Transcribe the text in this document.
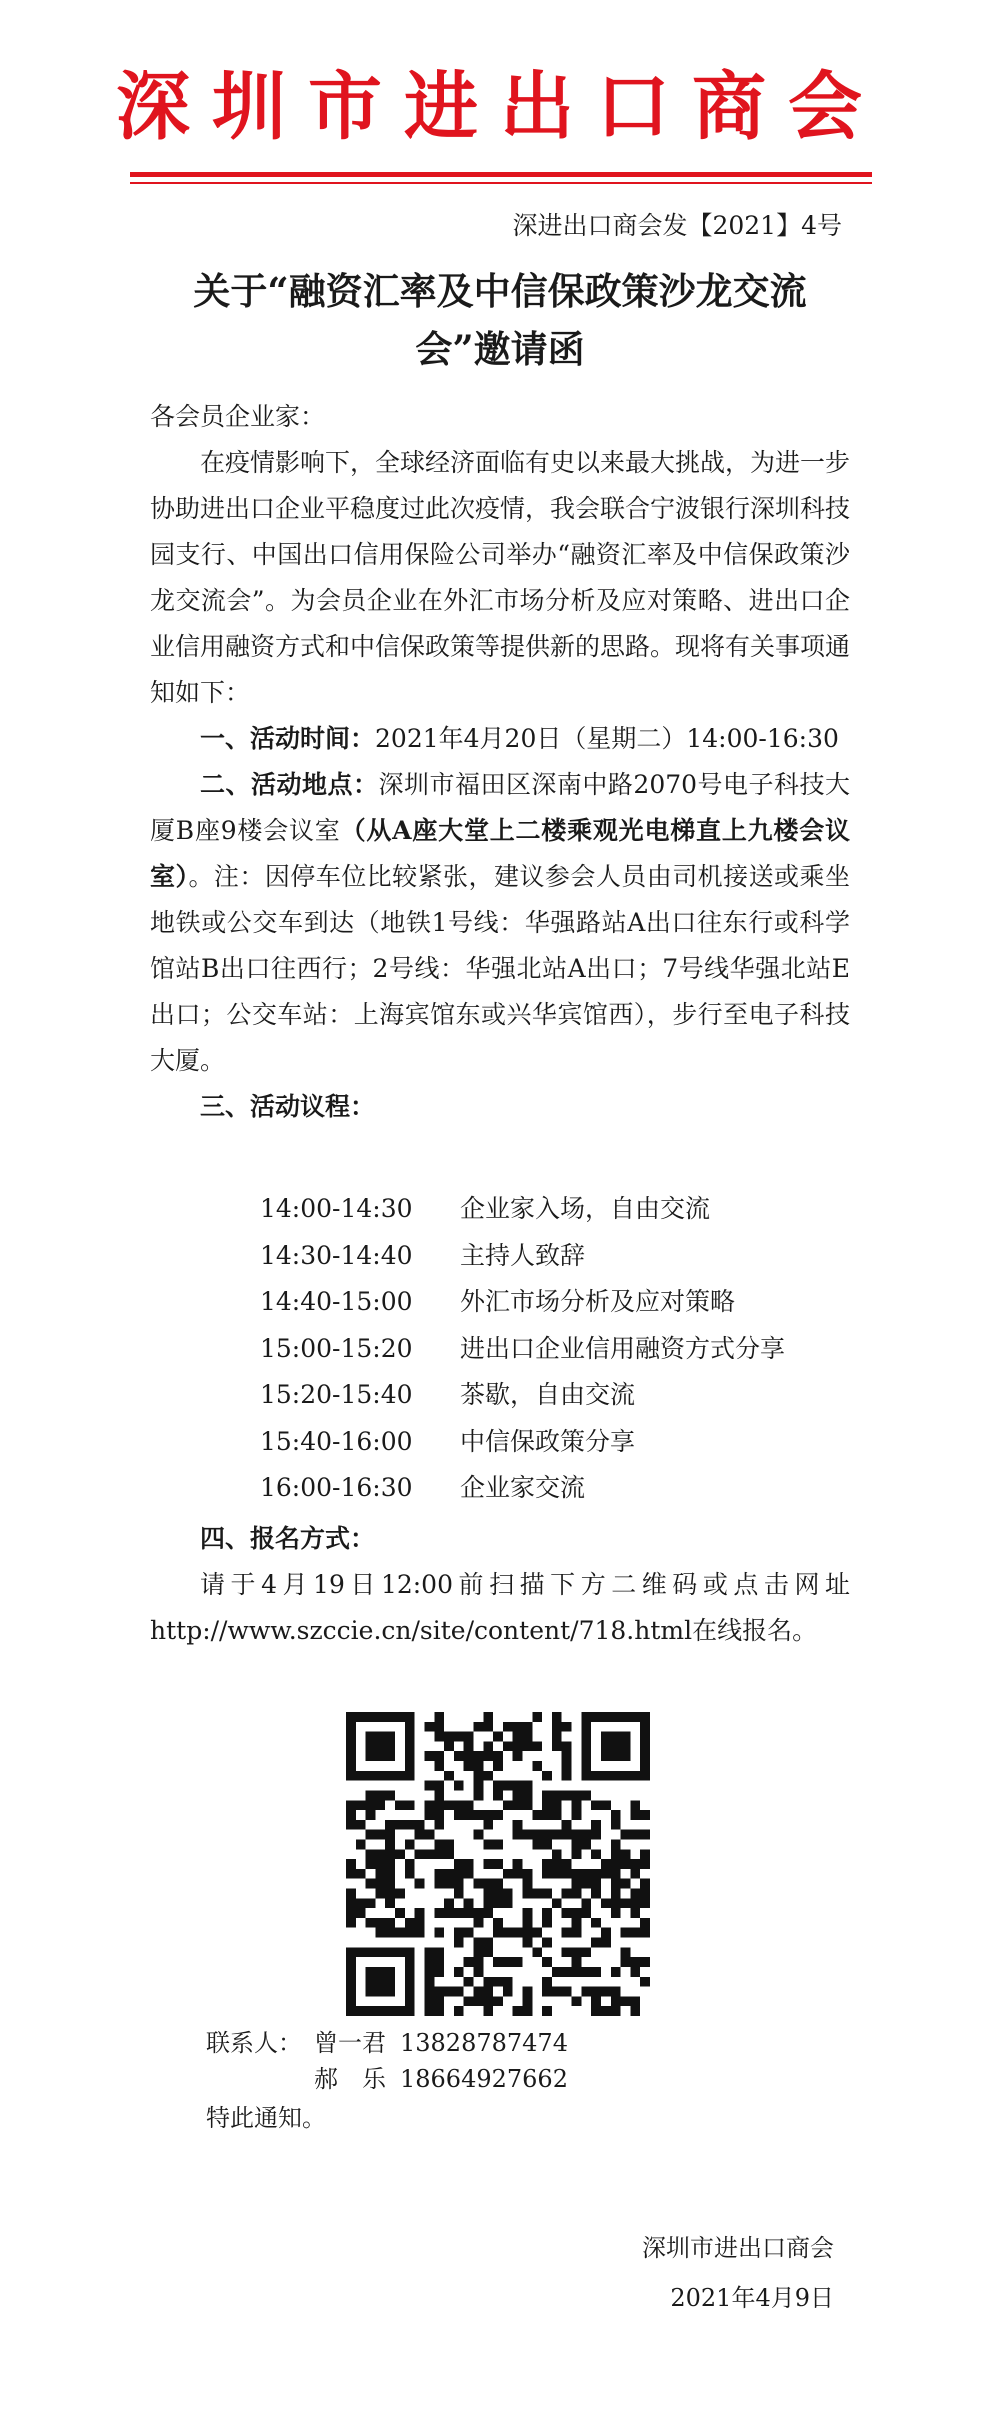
深圳市进出口商会
深进出口商会发【2021】4号
关于“融资汇率及中信保政策沙龙交流会”邀请函

各会员企业家：

在疫情影响下，全球经济面临有史以来最大挑战，为进一步协助进出口企业平稳度过此次疫情，我会联合宁波银行深圳科技园支行、中国出口信用保险公司举办“融资汇率及中信保政策沙龙交流会”。为会员企业在外汇市场分析及应对策略、进出口企业信用融资方式和中信保政策等提供新的思路。现将有关事项通知如下：

一、活动时间：2021年4月20日（星期二）14:00-16:30

二、活动地点：深圳市福田区深南中路2070号电子科技大厦B座9楼会议室（从A座大堂上二楼乘观光电梯直上九楼会议室）。注：因停车位比较紧张，建议参会人员由司机接送或乘坐地铁或公交车到达（地铁1号线：华强路站A出口往东行或科学馆站B出口往西行；2号线：华强北站A出口；7号线华强北站E出口；公交车站：上海宾馆东或兴华宾馆西），步行至电子科技大厦。

三、活动议程：

14:00-14:30	企业家入场，自由交流
14:30-14:40	主持人致辞
14:40-15:00	外汇市场分析及应对策略
15:00-15:20	进出口企业信用融资方式分享
15:20-15:40	茶歇，自由交流
15:40-16:00	中信保政策分享
16:00-16:30	企业家交流

四、报名方式：

请于4月19日12:00前扫描下方二维码或点击网址http://www.szccie.cn/site/content/718.html在线报名。

联系人： 曾一君 13828787474
郝　乐 18664927662
特此通知。
深圳市进出口商会
2021年4月9日
